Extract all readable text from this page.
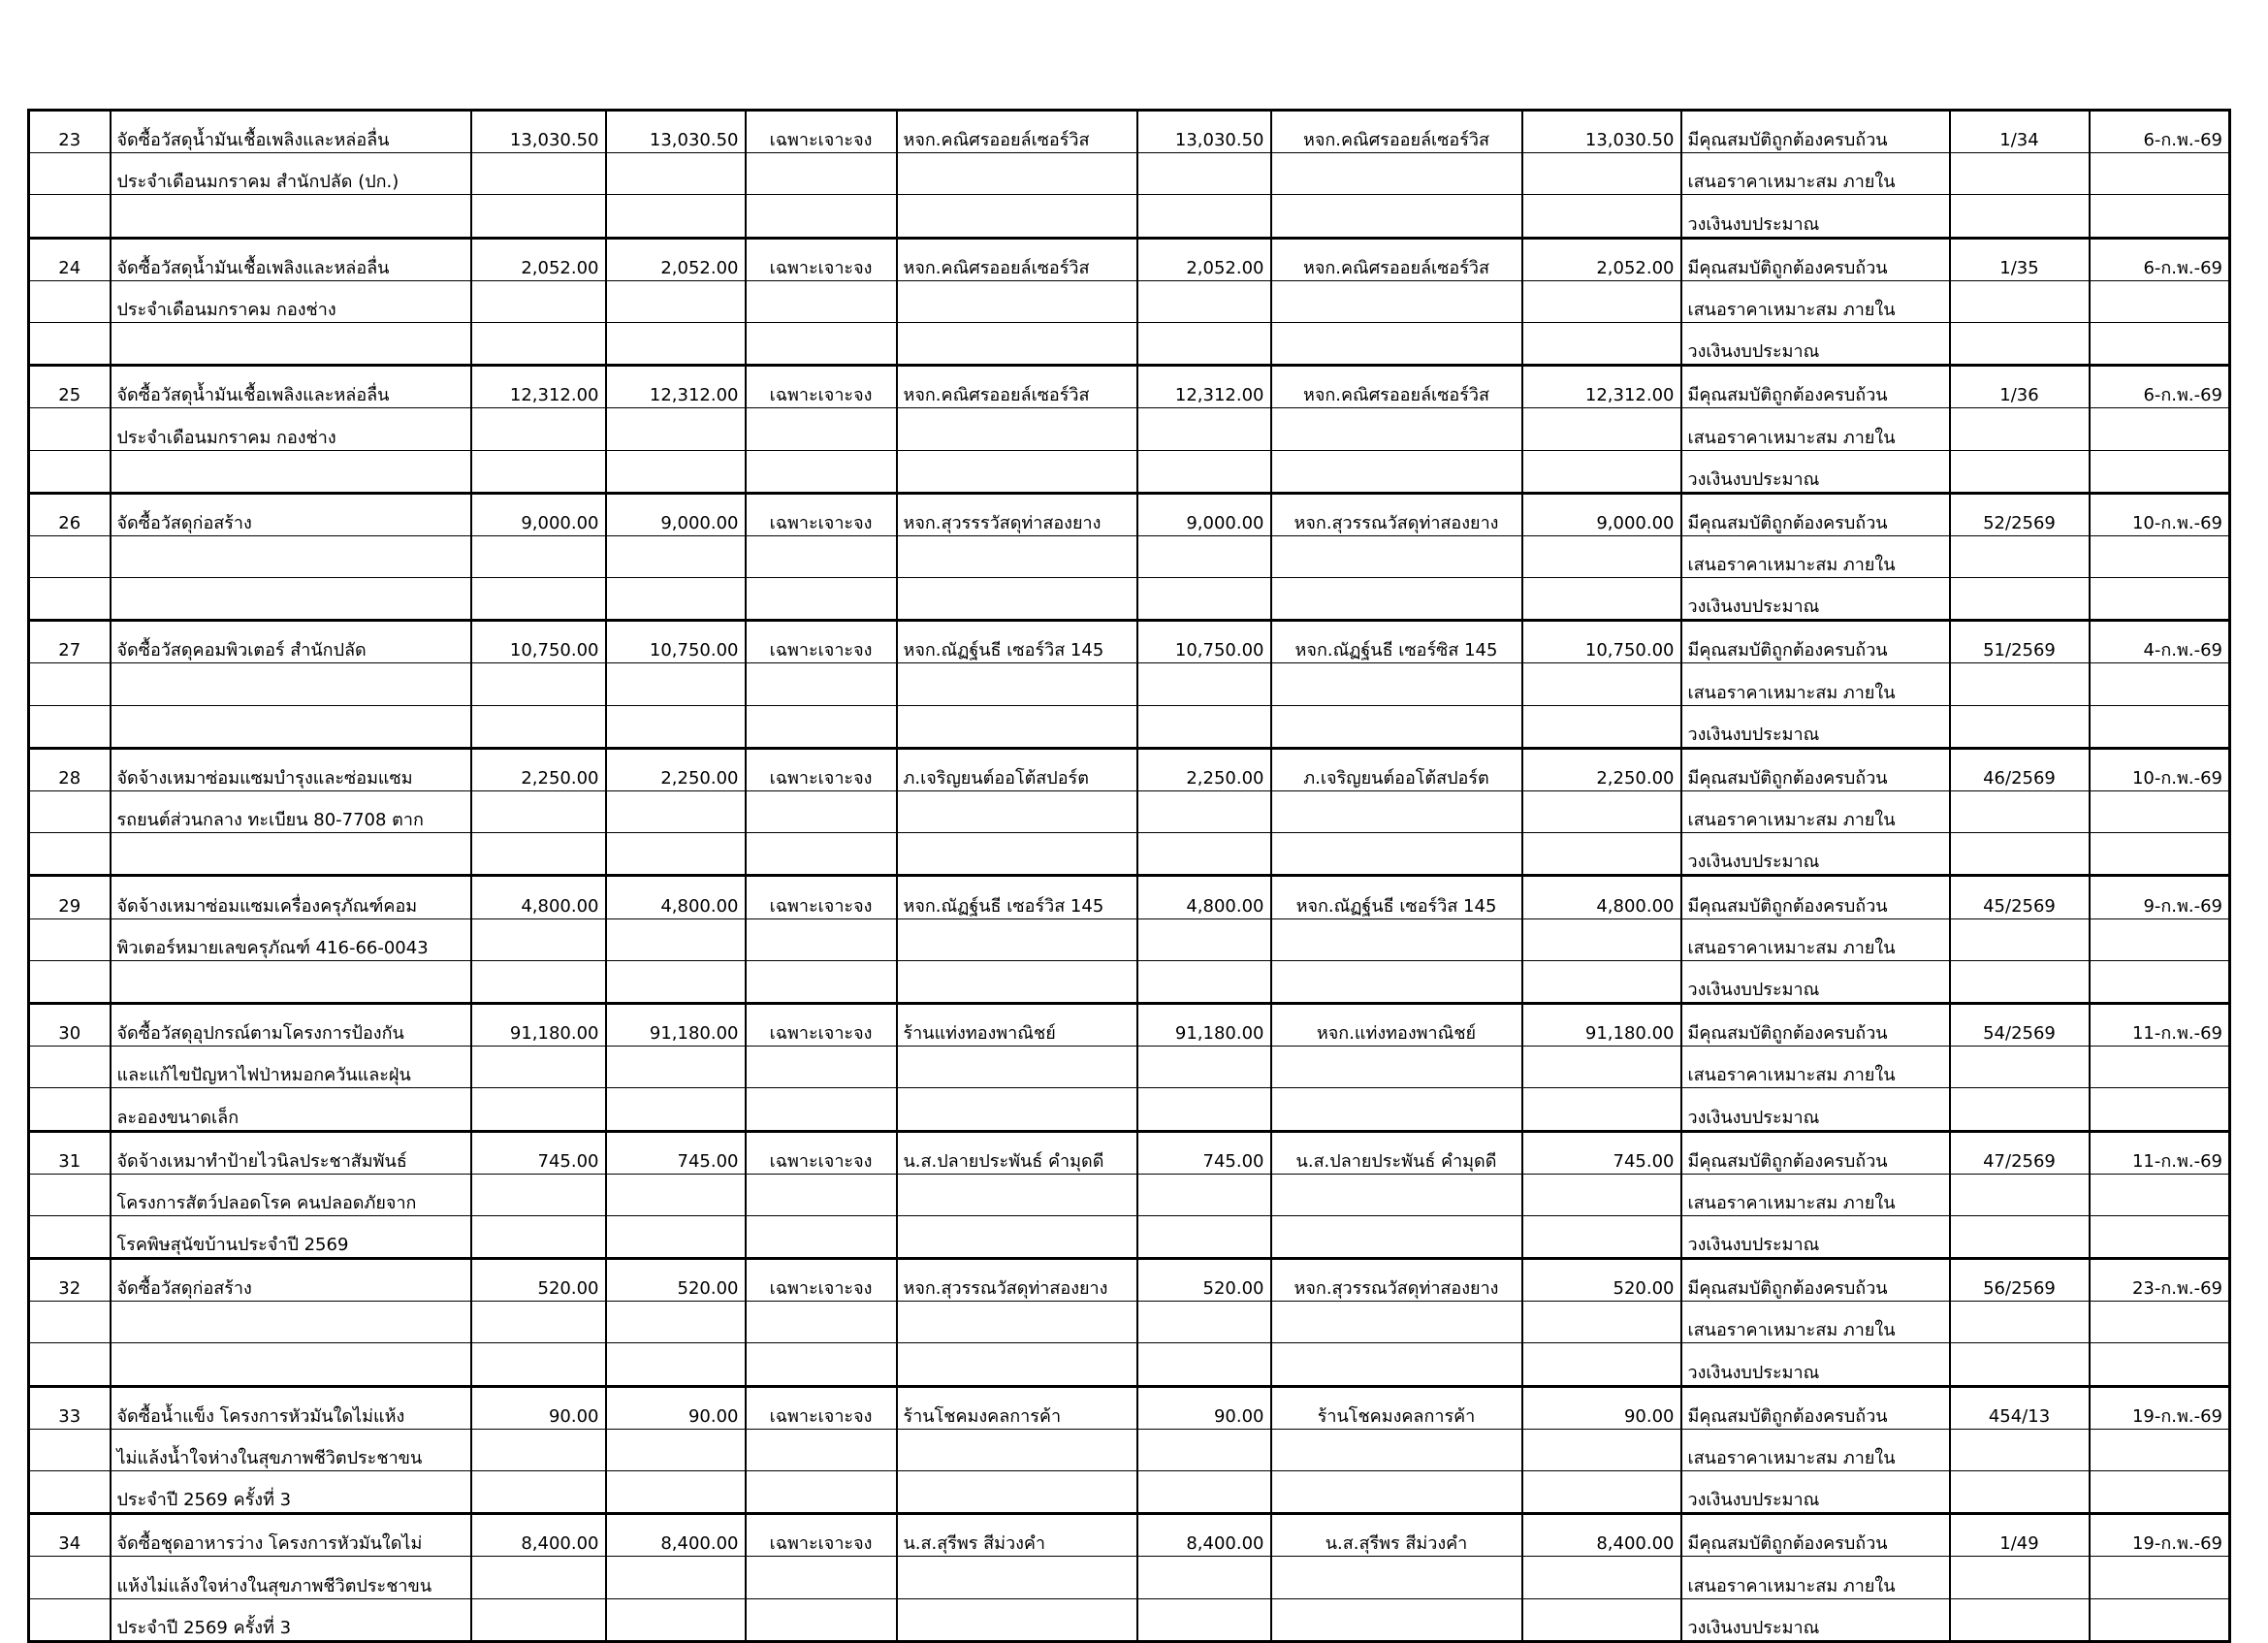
23	จัดซื้อวัสดุน้ำมันเชื้อเพลิงและหล่อลื่น	13,030.50	13,030.50	เฉพาะเจาะจง	หจก.คณิศรออยล์เซอร์วิส	13,030.50	หจก.คณิศรออยล์เซอร์วิส	13,030.50	มีคุณสมบัติถูกต้องครบถ้วน	1/34	6-ก.พ.-69
	ประจำเดือนมกราคม สำนักปลัด (ปก.)								เสนอราคาเหมาะสม ภายใน		
									วงเงินงบประมาณ		
24	จัดซื้อวัสดุน้ำมันเชื้อเพลิงและหล่อลื่น	2,052.00	2,052.00	เฉพาะเจาะจง	หจก.คณิศรออยล์เซอร์วิส	2,052.00	หจก.คณิศรออยล์เซอร์วิส	2,052.00	มีคุณสมบัติถูกต้องครบถ้วน	1/35	6-ก.พ.-69
	ประจำเดือนมกราคม กองช่าง								เสนอราคาเหมาะสม ภายใน		
									วงเงินงบประมาณ		
25	จัดซื้อวัสดุน้ำมันเชื้อเพลิงและหล่อลื่น	12,312.00	12,312.00	เฉพาะเจาะจง	หจก.คณิศรออยล์เซอร์วิส	12,312.00	หจก.คณิศรออยล์เซอร์วิส	12,312.00	มีคุณสมบัติถูกต้องครบถ้วน	1/36	6-ก.พ.-69
	ประจำเดือนมกราคม กองช่าง								เสนอราคาเหมาะสม ภายใน		
									วงเงินงบประมาณ		
26	จัดซื้อวัสดุก่อสร้าง	9,000.00	9,000.00	เฉพาะเจาะจง	หจก.สุวรรรวัสดุท่าสองยาง	9,000.00	หจก.สุวรรณวัสดุท่าสองยาง	9,000.00	มีคุณสมบัติถูกต้องครบถ้วน	52/2569	10-ก.พ.-69
									เสนอราคาเหมาะสม ภายใน		
									วงเงินงบประมาณ		
27	จัดซื้อวัสดุคอมพิวเตอร์ สำนักปลัด	10,750.00	10,750.00	เฉพาะเจาะจง	หจก.ณัฏฐ์นธี เซอร์วิส 145	10,750.00	หจก.ณัฏฐ์นธี เซอร์ซิส 145	10,750.00	มีคุณสมบัติถูกต้องครบถ้วน	51/2569	4-ก.พ.-69
									เสนอราคาเหมาะสม ภายใน		
									วงเงินงบประมาณ		
28	จัดจ้างเหมาซ่อมแซมบำรุงและซ่อมแซม	2,250.00	2,250.00	เฉพาะเจาะจง	ภ.เจริญยนต์ออโต้สปอร์ต	2,250.00	ภ.เจริญยนต์ออโต้สปอร์ต	2,250.00	มีคุณสมบัติถูกต้องครบถ้วน	46/2569	10-ก.พ.-69
	รถยนต์ส่วนกลาง ทะเบียน 80-7708 ตาก								เสนอราคาเหมาะสม ภายใน		
									วงเงินงบประมาณ		
29	จัดจ้างเหมาซ่อมแซมเครื่องครุภัณฑ์คอม	4,800.00	4,800.00	เฉพาะเจาะจง	หจก.ณัฏฐ์นธี เซอร์วิส 145	4,800.00	หจก.ณัฏฐ์นธี เซอร์วิส 145	4,800.00	มีคุณสมบัติถูกต้องครบถ้วน	45/2569	9-ก.พ.-69
	พิวเตอร์หมายเลขครุภัณฑ์ 416-66-0043								เสนอราคาเหมาะสม ภายใน		
									วงเงินงบประมาณ		
30	จัดซื้อวัสดุอุปกรณ์ตามโครงการป้องกัน	91,180.00	91,180.00	เฉพาะเจาะจง	ร้านแท่งทองพาณิชย์	91,180.00	หจก.แท่งทองพาณิชย์	91,180.00	มีคุณสมบัติถูกต้องครบถ้วน	54/2569	11-ก.พ.-69
	และแก้ไขปัญหาไฟป่าหมอกควันและฝุ่น								เสนอราคาเหมาะสม ภายใน		
	ละอองขนาดเล็ก								วงเงินงบประมาณ		
31	จัดจ้างเหมาทำป้ายไวนิลประชาสัมพันธ์	745.00	745.00	เฉพาะเจาะจง	น.ส.ปลายประพันธ์ คำมุดดี	745.00	น.ส.ปลายประพันธ์ คำมุดดี	745.00	มีคุณสมบัติถูกต้องครบถ้วน	47/2569	11-ก.พ.-69
	โครงการสัตว์ปลอดโรค คนปลอดภัยจาก								เสนอราคาเหมาะสม ภายใน		
	โรคพิษสุนัขบ้านประจำปี 2569								วงเงินงบประมาณ		
32	จัดซื้อวัสดุก่อสร้าง	520.00	520.00	เฉพาะเจาะจง	หจก.สุวรรณวัสดุท่าสองยาง	520.00	หจก.สุวรรณวัสดุท่าสองยาง	520.00	มีคุณสมบัติถูกต้องครบถ้วน	56/2569	23-ก.พ.-69
									เสนอราคาเหมาะสม ภายใน		
									วงเงินงบประมาณ		
33	จัดซื้อน้ำแข็ง โครงการหัวมันใดไม่แห้ง	90.00	90.00	เฉพาะเจาะจง	ร้านโชคมงคลการค้า	90.00	ร้านโชคมงคลการค้า	90.00	มีคุณสมบัติถูกต้องครบถ้วน	454/13	19-ก.พ.-69
	ไม่แล้งน้ำใจห่างในสุขภาพชีวิตประชาขน								เสนอราคาเหมาะสม ภายใน		
	ประจำปี 2569 ครั้งที่ 3								วงเงินงบประมาณ		
34	จัดซื้อชุดอาหารว่าง โครงการหัวมันใดไม่	8,400.00	8,400.00	เฉพาะเจาะจง	น.ส.สุรีพร สีม่วงคำ	8,400.00	น.ส.สุรีพร สีม่วงคำ	8,400.00	มีคุณสมบัติถูกต้องครบถ้วน	1/49	19-ก.พ.-69
	แห้งไม่แล้งใจห่างในสุขภาพชีวิตประชาขน								เสนอราคาเหมาะสม ภายใน		
	ประจำปี 2569 ครั้งที่ 3								วงเงินงบประมาณ		
